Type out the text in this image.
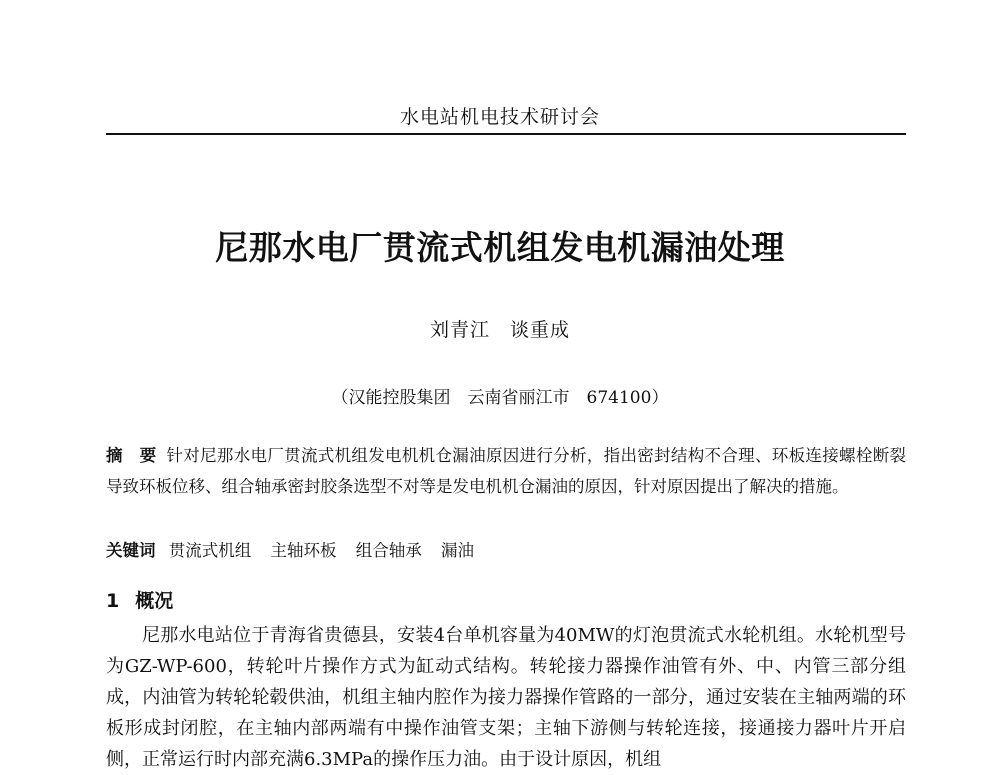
水电站机电技术研讨会
尼那水电厂贯流式机组发电机漏油处理
刘青江　谈重成
（汉能控股集团　云南省丽江市　674100）
摘　要 针对尼那水电厂贯流式机组发电机机仓漏油原因进行分析，指出密封结构不合理、环板连接螺栓断裂导致环板位移、组合轴承密封胶条选型不对等是发电机机仓漏油的原因，针对原因提出了解决的措施。
关键词 贯流式机组 主轴环板 组合轴承 漏油
1 概况
尼那水电站位于青海省贵德县，安装4台单机容量为40MW的灯泡贯流式水轮机组。水轮机型号为GZ-WP-600，转轮叶片操作方式为缸动式结构。转轮接力器操作油管有外、中、内管三部分组成，内油管为转轮轮毂供油，机组主轴内腔作为接力器操作管路的一部分，通过安装在主轴两端的环板形成封闭腔，在主轴内部两端有中操作油管支架；主轴下游侧与转轮连接，接通接力器叶片开启侧，正常运行时内部充满6.3MPa的操作压力油。由于设计原因，机组
